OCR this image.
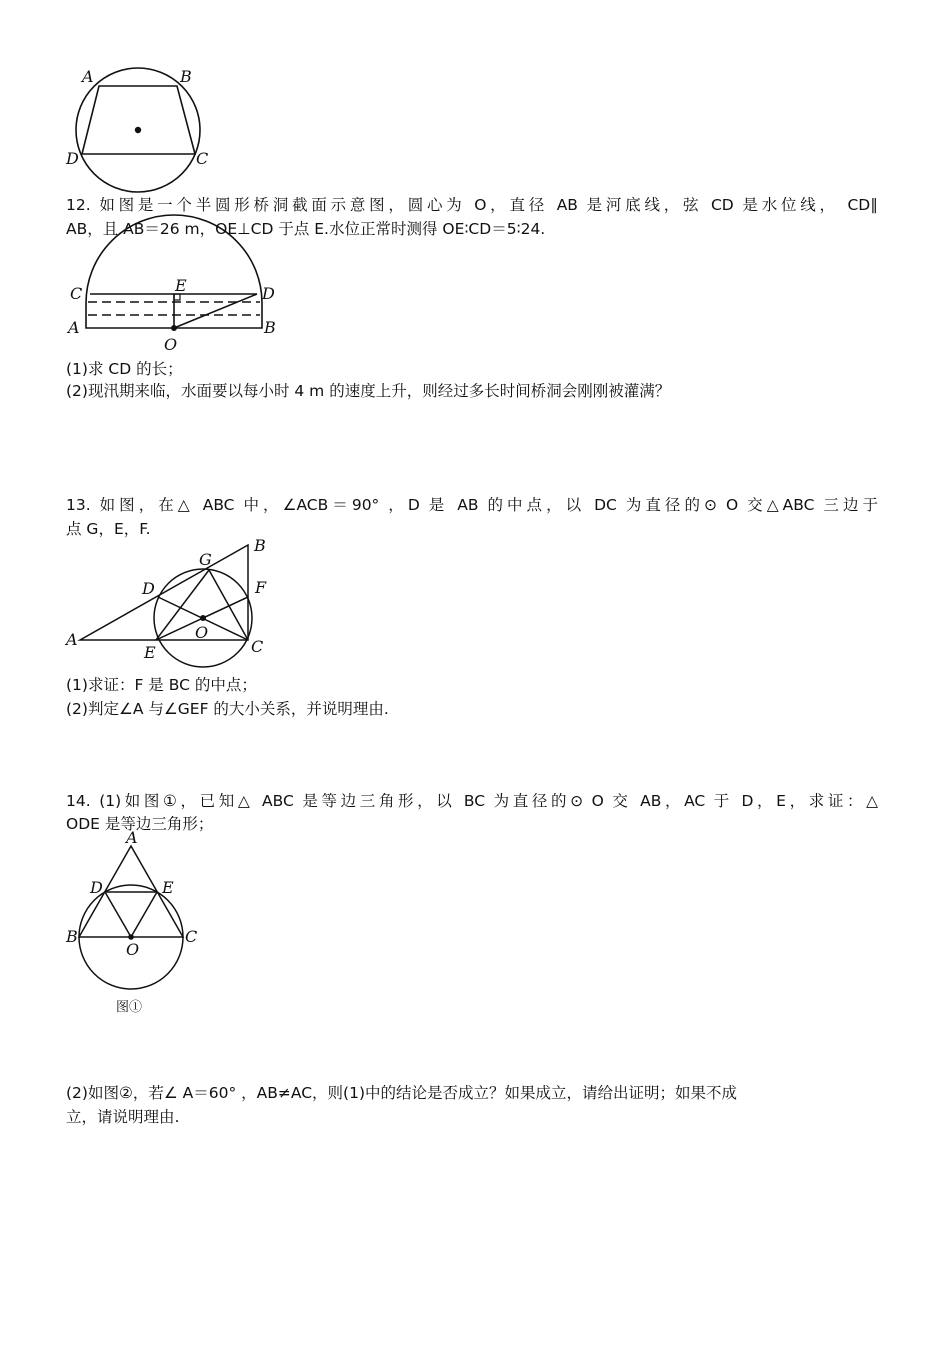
A	B
D	C
12. 如图是一个半圆形桥洞截面示意图，圆心为 O，直径 AB 是河底线，弦 CD 是水位线， CD∥
AB，且 AB＝26 m，OE⊥CD 于点 E.水位正常时测得 OE∶CD＝5∶24.
E
C	D
A	B
O
(1)求 CD 的长；
(2)现汛期来临，水面要以每小时 4 m 的速度上升，则经过多长时间桥洞会刚刚被灌满？
13. 如图，在△ ABC 中，∠ACB＝90° ，D 是 AB 的中点，以 DC 为直径的⊙ O 交△ABC 三边于
点 G，E，F.
G
B
D	F
O
A
E	C
(1)求证：F 是 BC 的中点；
(2)判定∠A 与∠GEF 的大小关系，并说明理由.
14. (1)如图①，已知△ ABC 是等边三角形，以 BC 为直径的⊙ O 交 AB，AC 于 D，E，求证：△
ODE 是等边三角形；
A
D	E
B	C
O
图①
(2)如图②，若∠ A＝60° ，AB≠AC，则(1)中的结论是否成立？如果成立，请给出证明；如果不成
立，请说明理由.
